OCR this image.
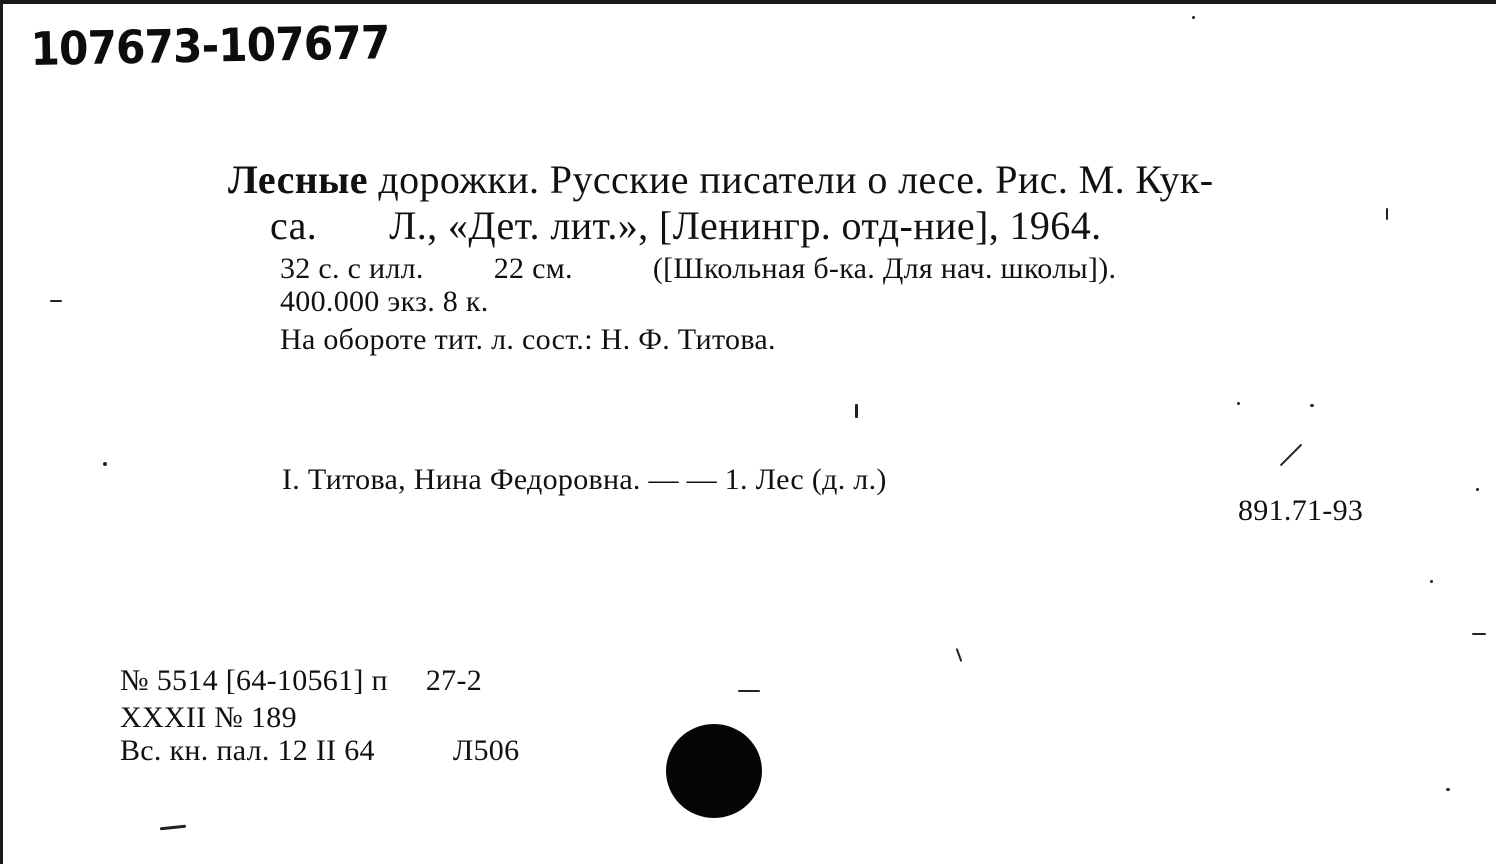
107673-107677
Лесные дорожки. Русские писатели о лесе. Рис. М. Кук-
са. Л., «Дет. лит.», [Ленингр. отд-ние], 1964.
32 с. с илл. 22 см.	([Школьная б-ка. Для нач. школы]).
400.000 экз. 8 к.
На обороте тит. л. сост.: Н. Ф. Титова.
I. Титова, Нина Федоровна. — — 1. Лес (д. л.)
891.71-93
№ 5514 [64-10561] п 27-2
XXXII № 189
Вс. кн. пал. 12 II 64	Л506
